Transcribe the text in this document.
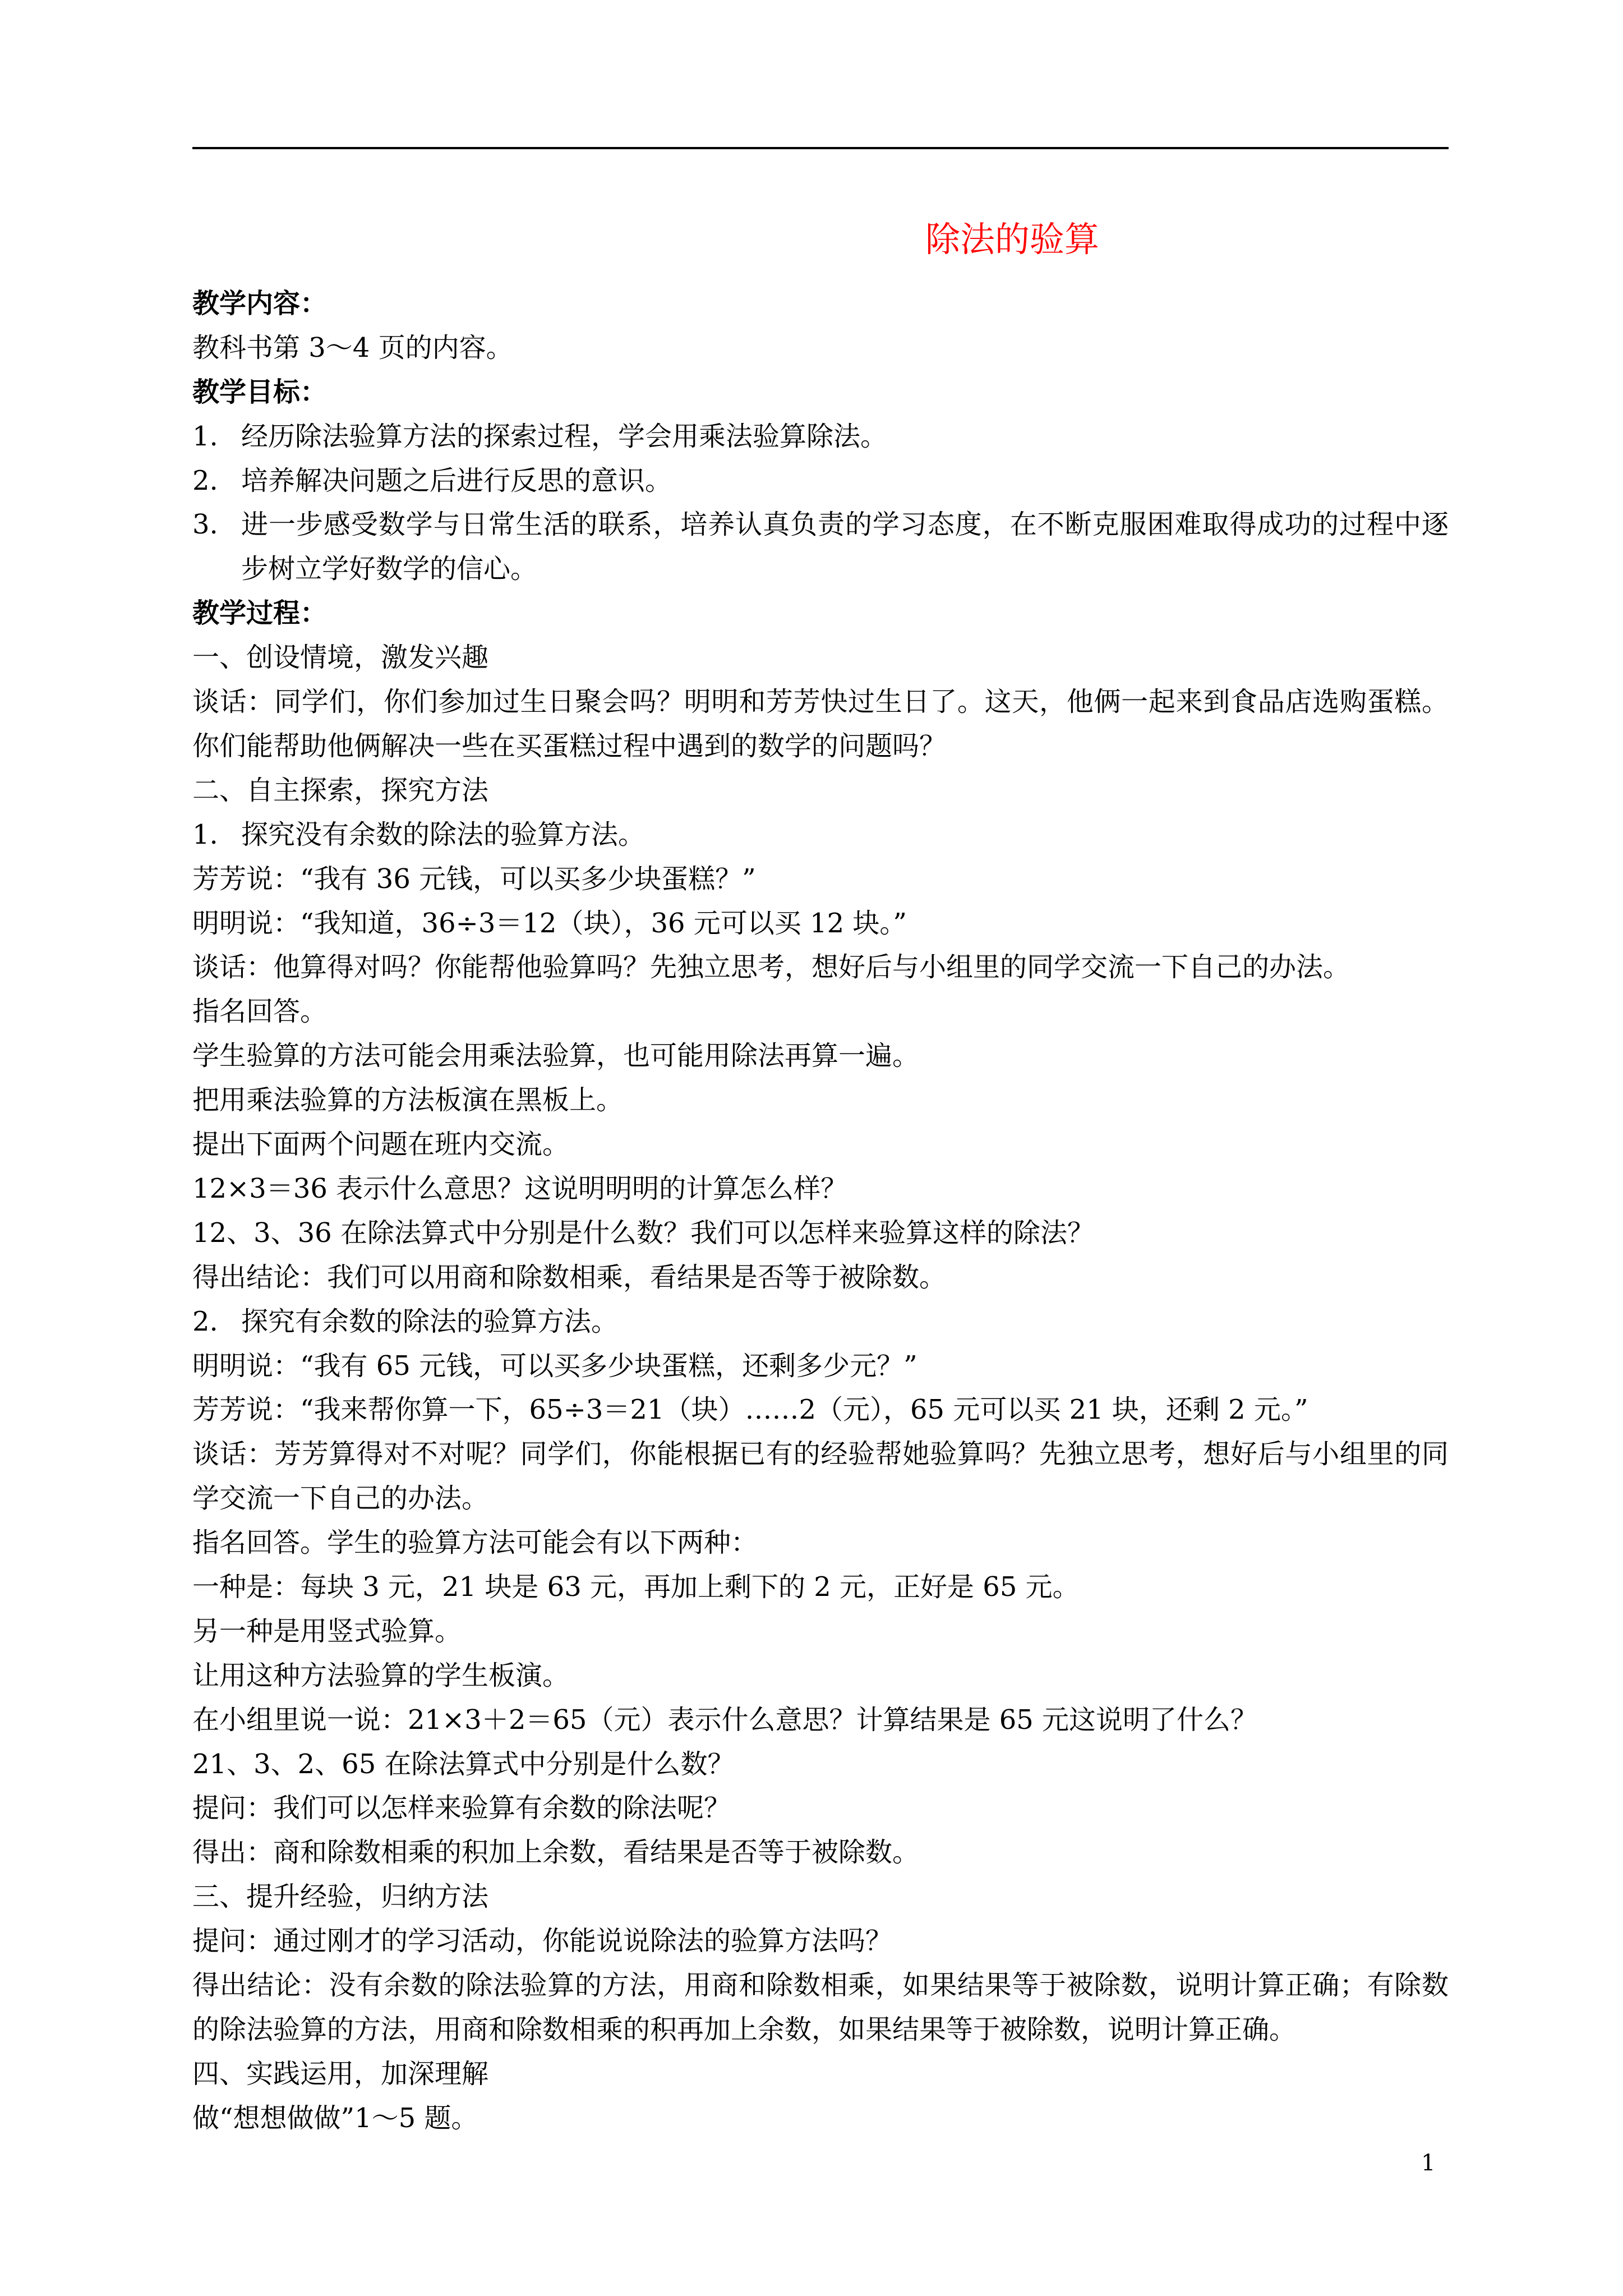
除法的验算
教学内容：
教科书第 3～4 页的内容。
教学目标：
1. 经历除法验算方法的探索过程，学会用乘法验算除法。
2. 培养解决问题之后进行反思的意识。
3. 进一步感受数学与日常生活的联系，培养认真负责的学习态度，在不断克服困难取得成功的过程中逐步树立学好数学的信心。
教学过程：
一、创设情境，激发兴趣
谈话：同学们，你们参加过生日聚会吗？明明和芳芳快过生日了。这天，他俩一起来到食品店选购蛋糕。你们能帮助他俩解决一些在买蛋糕过程中遇到的数学的问题吗？
二、自主探索，探究方法
1. 探究没有余数的除法的验算方法。
芳芳说：“我有 36 元钱，可以买多少块蛋糕？”
明明说：“我知道，36÷3＝12（块），36 元可以买 12 块。”
谈话：他算得对吗？你能帮他验算吗？先独立思考，想好后与小组里的同学交流一下自己的办法。
指名回答。
学生验算的方法可能会用乘法验算，也可能用除法再算一遍。
把用乘法验算的方法板演在黑板上。
提出下面两个问题在班内交流。
12×3＝36 表示什么意思？这说明明明的计算怎么样？
12、3、36 在除法算式中分别是什么数？我们可以怎样来验算这样的除法？
得出结论：我们可以用商和除数相乘，看结果是否等于被除数。
2. 探究有余数的除法的验算方法。
明明说：“我有 65 元钱，可以买多少块蛋糕，还剩多少元？”
芳芳说：“我来帮你算一下，65÷3＝21（块）……2（元），65 元可以买 21 块，还剩 2 元。”
谈话：芳芳算得对不对呢？同学们，你能根据已有的经验帮她验算吗？先独立思考，想好后与小组里的同学交流一下自己的办法。
指名回答。学生的验算方法可能会有以下两种：
一种是：每块 3 元，21 块是 63 元，再加上剩下的 2 元，正好是 65 元。
另一种是用竖式验算。
让用这种方法验算的学生板演。
在小组里说一说：21×3＋2＝65（元）表示什么意思？计算结果是 65 元这说明了什么？
21、3、2、65 在除法算式中分别是什么数？
提问：我们可以怎样来验算有余数的除法呢？
得出：商和除数相乘的积加上余数，看结果是否等于被除数。
三、提升经验，归纳方法
提问：通过刚才的学习活动，你能说说除法的验算方法吗？
得出结论：没有余数的除法验算的方法，用商和除数相乘，如果结果等于被除数，说明计算正确；有除数的除法验算的方法，用商和除数相乘的积再加上余数，如果结果等于被除数，说明计算正确。
四、实践运用，加深理解
做“想想做做”1～5 题。
1
